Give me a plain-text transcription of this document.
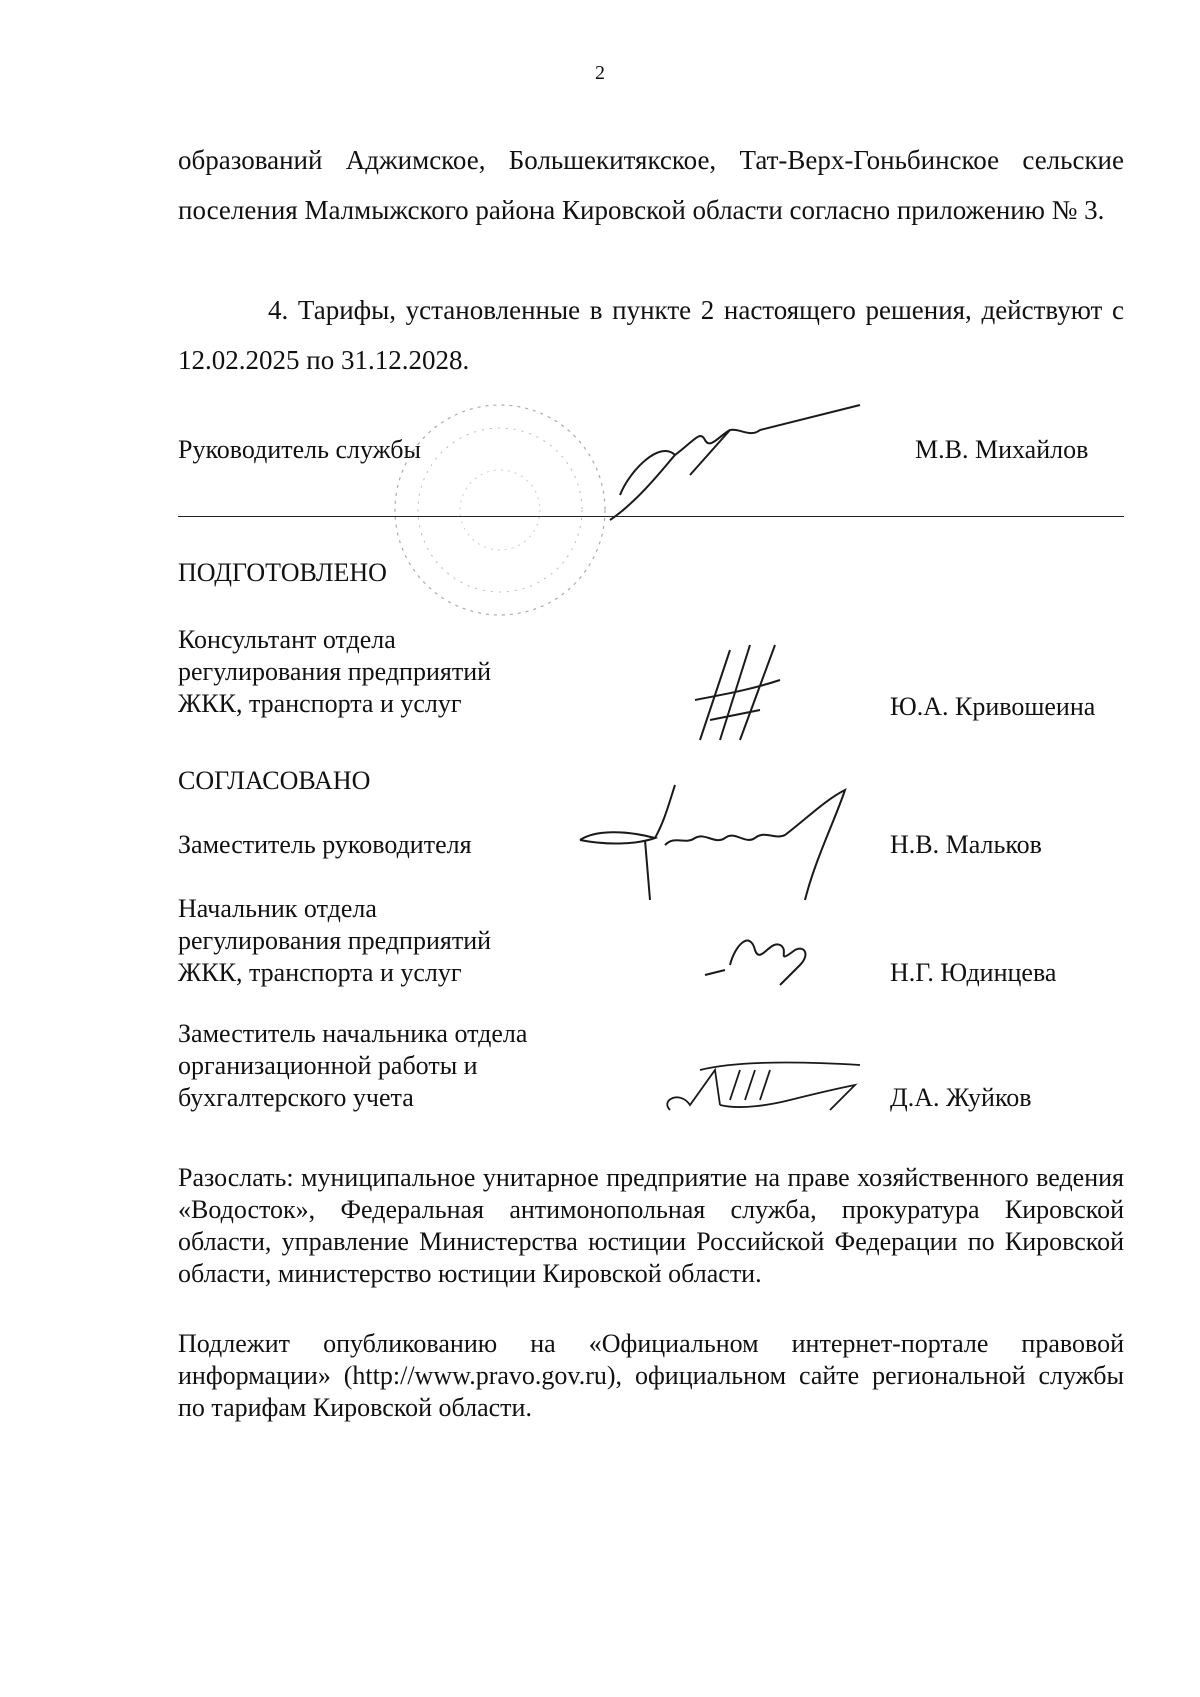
2
образований Аджимское, Большекитякское, Тат-Верх-Гоньбинское сельские поселения Малмыжского района Кировской области согласно приложению № 3.
4. Тарифы, установленные в пункте 2 настоящего решения, действуют с 12.02.2025 по 31.12.2028.
Руководитель службы	М.В. Михайлов
ПОДГОТОВЛЕНО
Консультант отдела
регулирования предприятий
ЖКК, транспорта и услуг	Ю.А. Кривошеина
СОГЛАСОВАНО
Заместитель руководителя	Н.В. Мальков
Начальник отдела
регулирования предприятий
ЖКК, транспорта и услуг	Н.Г. Юдинцева
Заместитель начальника отдела
организационной работы и
бухгалтерского учета	Д.А. Жуйков
Разослать: муниципальное унитарное предприятие на праве хозяйственного ведения «Водосток», Федеральная антимонопольная служба, прокуратура Кировской области, управление Министерства юстиции Российской Федерации по Кировской области, министерство юстиции Кировской области.
Подлежит опубликованию на «Официальном интернет-портале правовой информации» (http://www.pravo.gov.ru), официальном сайте региональной службы по тарифам Кировской области.
